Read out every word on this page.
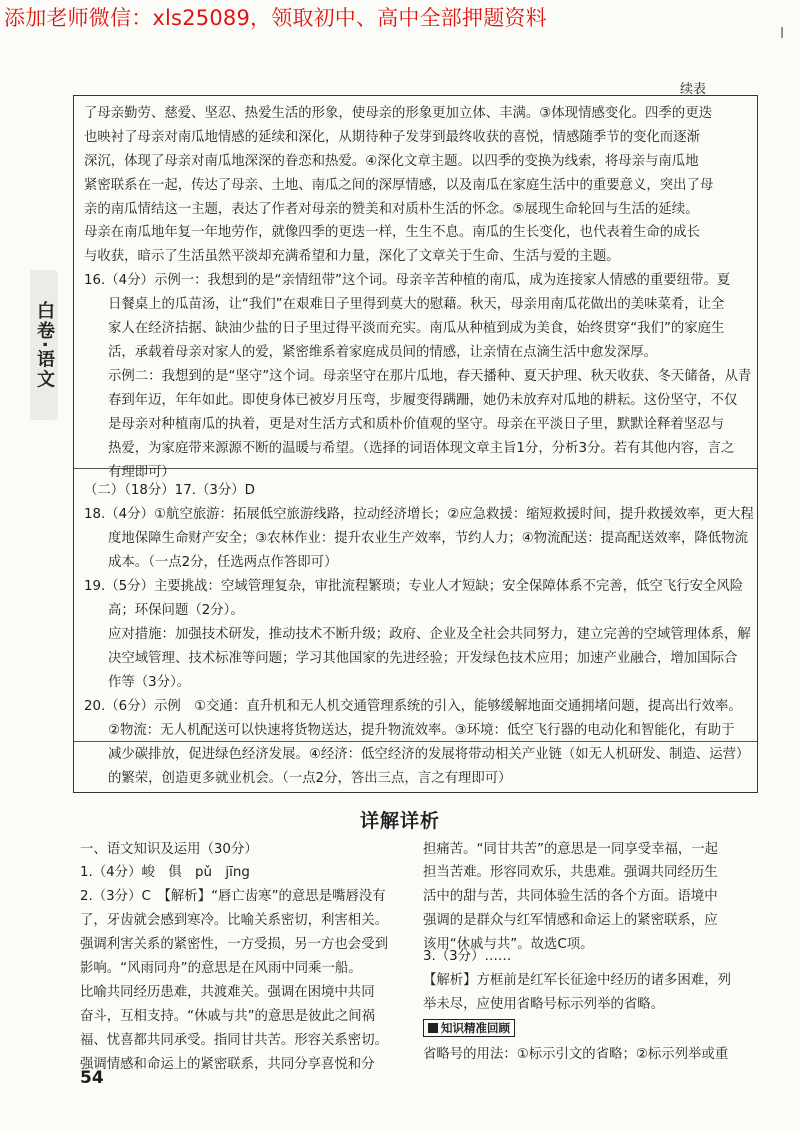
添加老师微信：xls25089，领取初中、高中全部押题资料
l
续表
白卷·语文
了母亲勤劳、慈爱、坚忍、热爱生活的形象，使母亲的形象更加立体、丰满。③体现情感变化。四季的更迭
也映衬了母亲对南瓜地情感的延续和深化，从期待种子发芽到最终收获的喜悦，情感随季节的变化而逐渐
深沉，体现了母亲对南瓜地深深的眷恋和热爱。④深化文章主题。以四季的变换为线索，将母亲与南瓜地
紧密联系在一起，传达了母亲、土地、南瓜之间的深厚情感，以及南瓜在家庭生活中的重要意义，突出了母
亲的南瓜情结这一主题，表达了作者对母亲的赞美和对质朴生活的怀念。⑤展现生命轮回与生活的延续。
母亲在南瓜地年复一年地劳作，就像四季的更迭一样，生生不息。南瓜的生长变化，也代表着生命的成长
与收获，暗示了生活虽然平淡却充满希望和力量，深化了文章关于生命、生活与爱的主题。
16.（4分）示例一：我想到的是“亲情纽带”这个词。母亲辛苦种植的南瓜，成为连接家人情感的重要纽带。夏
日餐桌上的瓜苗汤，让“我们”在艰难日子里得到莫大的慰藉。秋天，母亲用南瓜花做出的美味菜肴，让全
家人在经济拮据、缺油少盐的日子里过得平淡而充实。南瓜从种植到成为美食，始终贯穿“我们”的家庭生
活，承载着母亲对家人的爱，紧密维系着家庭成员间的情感，让亲情在点滴生活中愈发深厚。
示例二：我想到的是“坚守”这个词。母亲坚守在那片瓜地，春天播种、夏天护理、秋天收获、冬天储备，从青
春到年迈，年年如此。即使身体已被岁月压弯，步履变得蹒跚，她仍未放弃对瓜地的耕耘。这份坚守，不仅
是母亲对种植南瓜的执着，更是对生活方式和质朴价值观的坚守。母亲在平淡日子里，默默诠释着坚忍与
热爱，为家庭带来源源不断的温暖与希望。（选择的词语体现文章主旨1分，分析3分。若有其他内容，言之
有理即可）
（二）（18分）17.（3分）D
18.（4分）①航空旅游：拓展低空旅游线路，拉动经济增长；②应急救援：缩短救援时间，提升救援效率，更大程
度地保障生命财产安全；③农林作业：提升农业生产效率，节约人力；④物流配送：提高配送效率，降低物流
成本。（一点2分，任选两点作答即可）
19.（5分）主要挑战：空域管理复杂，审批流程繁琐；专业人才短缺；安全保障体系不完善，低空飞行安全风险
高；环保问题（2分）。
应对措施：加强技术研发，推动技术不断升级；政府、企业及全社会共同努力，建立完善的空域管理体系，解
决空域管理、技术标准等问题；学习其他国家的先进经验；开发绿色技术应用；加速产业融合，增加国际合
作等（3分）。
20.（6分）示例　①交通：直升机和无人机交通管理系统的引入，能够缓解地面交通拥堵问题，提高出行效率。
②物流：无人机配送可以快速将货物送达，提升物流效率。③环境：低空飞行器的电动化和智能化，有助于
减少碳排放，促进绿色经济发展。④经济：低空经济的发展将带动相关产业链（如无人机研发、制造、运营）
的繁荣，创造更多就业机会。（一点2分，答出三点，言之有理即可）
详解详析
一、语文知识及运用（30分）
1.（4分）峻　俱　pǔ　jīng
2.（3分）C　【解析】“唇亡齿寒”的意思是嘴唇没有
了，牙齿就会感到寒冷。比喻关系密切，利害相关。
强调利害关系的紧密性，一方受损，另一方也会受到
影响。“风雨同舟”的意思是在风雨中同乘一船。
比喻共同经历患难，共渡难关。强调在困境中共同
奋斗，互相支持。“休戚与共”的意思是彼此之间祸
福、忧喜都共同承受。指同甘共苦。形容关系密切。
强调情感和命运上的紧密联系，共同分享喜悦和分
担痛苦。“同甘共苦”的意思是一同享受幸福，一起
担当苦难。形容同欢乐，共患难。强调共同经历生
活中的甜与苦，共同体验生活的各个方面。语境中
强调的是群众与红军情感和命运上的紧密联系，应
该用“休戚与共”。故选C项。
3.（3分）……
【解析】方框前是红军长征途中经历的诸多困难，列
举未尽，应使用省略号标示列举的省略。
知识精准回顾
省略号的用法：①标示引文的省略；②标示列举或重
54
